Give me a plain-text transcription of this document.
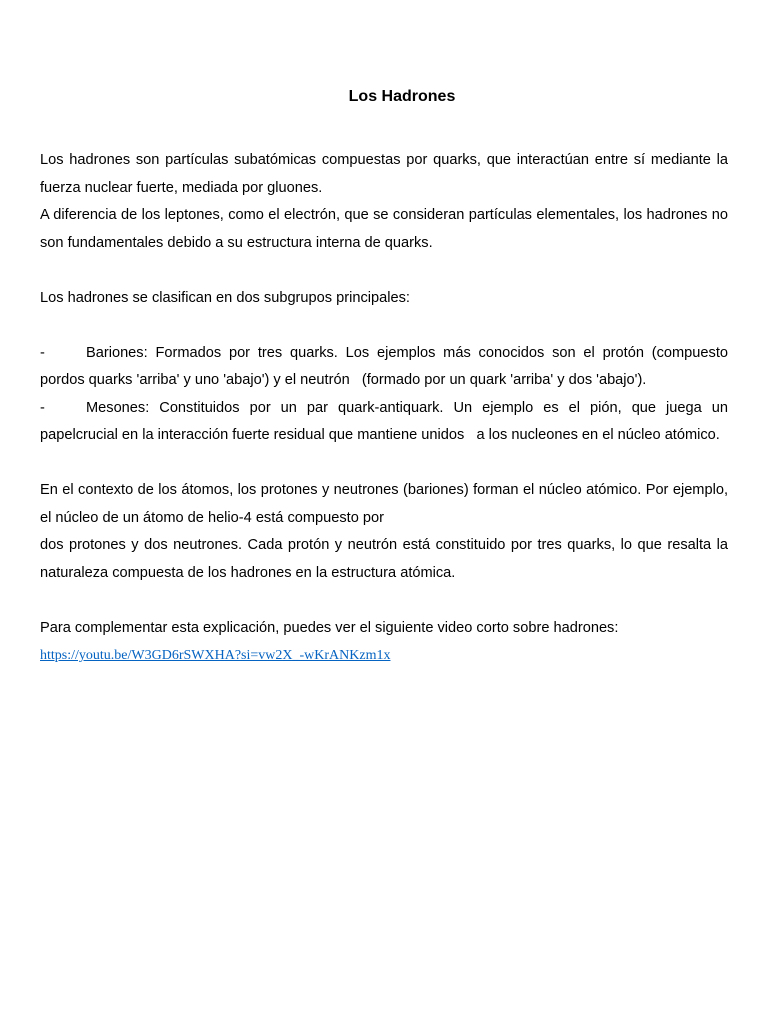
Los Hadrones

Los hadrones son partículas subatómicas compuestas por quarks, que interactúan entre sí mediante la fuerza nuclear fuerte, mediada por gluones.
A diferencia de los leptones, como el electrón, que se consideran partículas elementales, los hadrones no son fundamentales debido a su estructura interna de quarks.

Los hadrones se clasifican en dos subgrupos principales:

-	Bariones: Formados por tres quarks. Los ejemplos más conocidos son el protón (compuesto pordos quarks 'arriba' y uno 'abajo') y el neutrón   (formado por un quark 'arriba' y dos 'abajo').

-	Mesones: Constituidos por un par quark-antiquark. Un ejemplo es el pión, que juega un papelcrucial en la interacción fuerte residual que mantiene unidos   a los nucleones en el núcleo atómico.

En el contexto de los átomos, los protones y neutrones (bariones) forman el núcleo atómico. Por ejemplo, el núcleo de un átomo de helio-4 está compuesto por
dos protones y dos neutrones. Cada protón y neutrón está constituido por tres quarks, lo que resalta la naturaleza compuesta de los hadrones en la estructura atómica.

Para complementar esta explicación, puedes ver el siguiente video corto sobre hadrones:

https://youtu.be/W3GD6rSWXHA?si=vw2X_-wKrANKzm1x
